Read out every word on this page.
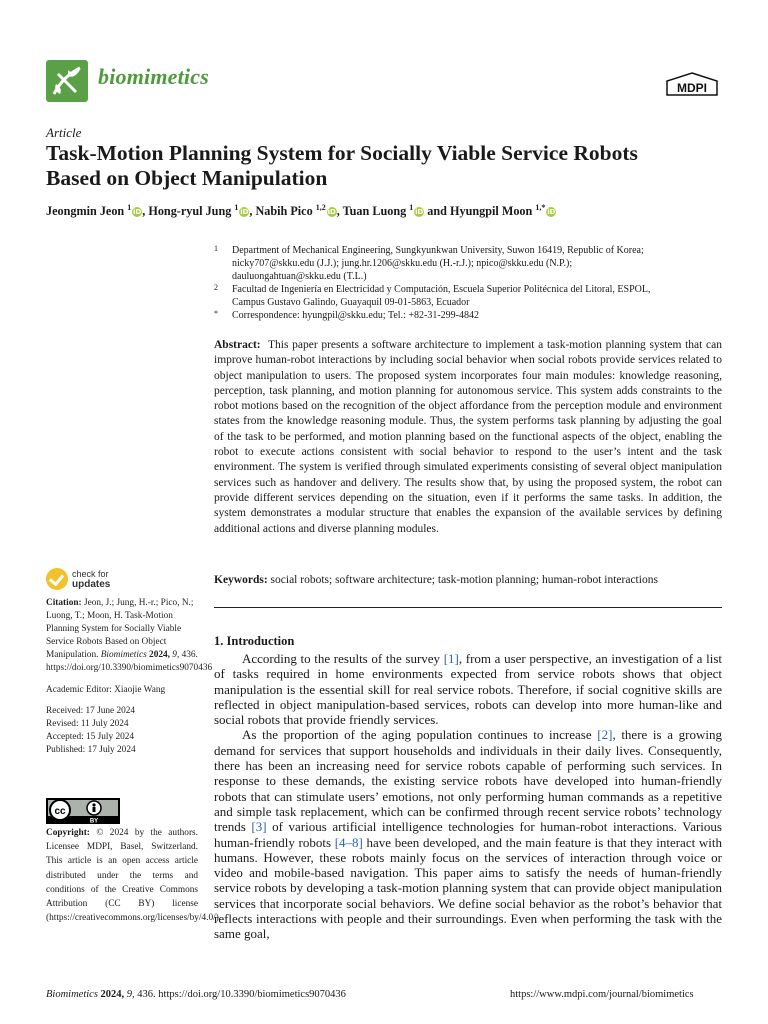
biomimetics	MDPI
Article
Task-Motion Planning System for Socially Viable Service Robots
Based on Object Manipulation
Jeongmin Jeon $^1$iD, Hong-ryul Jung $^1$iD, Nabih Pico $^{1,2}$iD, Tuan Luong $^1$iD and Hyungpil Moon $^{1,*}$iD
1 Department of Mechanical Engineering, Sungkyunkwan University, Suwon 16419, Republic of Korea;
nicky707@skku.edu (J.J.); jung.hr.1206@skku.edu (H.-r.J.); npico@skku.edu (N.P.);
dauluongahtuan@skku.edu (T.L.)
2 Facultad de Ingeniería en Electricidad y Computación, Escuela Superior Politécnica del Litoral, ESPOL,
Campus Gustavo Galindo, Guayaquil 09-01-5863, Ecuador
* Correspondence: hyungpil@skku.edu; Tel.: +82-31-299-4842
Abstract: This paper presents a software architecture to implement a task-motion planning system that can improve human-robot interactions by including social behavior when social robots provide services related to object manipulation to users. The proposed system incorporates four main modules: knowledge reasoning, perception, task planning, and motion planning for autonomous service. This system adds constraints to the robot motions based on the recognition of the object affordance from the perception module and environment states from the knowledge reasoning module. Thus, the system performs task planning by adjusting the goal of the task to be performed, and motion planning based on the functional aspects of the object, enabling the robot to execute actions consistent with social behavior to respond to the user’s intent and the task environment. The system is verified through simulated experiments consisting of several object manipulation services such as handover and delivery. The results show that, by using the proposed system, the robot can provide different services depending on the situation, even if it performs the same tasks. In addition, the system demonstrates a modular structure that enables the expansion of the available services by defining additional actions and diverse planning modules.
Keywords: social robots; software architecture; task-motion planning; human-robot interactions
1. Introduction

According to the results of the survey [1], from a user perspective, an investigation of a list of tasks required in home environments expected from service robots shows that object manipulation is the essential skill for real service robots. Therefore, if social cognitive skills are reflected in object manipulation-based services, robots can develop into more human-like and social robots that provide friendly services.

As the proportion of the aging population continues to increase [2], there is a growing demand for services that support households and individuals in their daily lives. Consequently, there has been an increasing need for service robots capable of performing such services. In response to these demands, the existing service robots have developed into human-friendly robots that can stimulate users’ emotions, not only performing human commands as a repetitive and simple task replacement, which can be confirmed through recent service robots’ technology trends [3] of various artificial intelligence technologies for human-robot interactions. Various human-friendly robots [4–8] have been developed, and the main feature is that they interact with humans. However, these robots mainly focus on the services of interaction through voice or video and mobile-based navigation. This paper aims to satisfy the needs of human-friendly service robots by developing a task-motion planning system that can provide object manipulation services that incorporate social behaviors. We define social behavior as the robot’s behavior that reflects interactions with people and their surroundings. Even when performing the task with the same goal,

check for
updates

Citation: Jeon, J.; Jung, H.-r.; Pico, N.; Luong, T.; Moon, H. Task-Motion Planning System for Socially Viable Service Robots Based on Object Manipulation. Biomimetics 2024, 9, 436. https://doi.org/10.3390/biomimetics9070436

Academic Editor: Xiaojie Wang

Received: 17 June 2024

Revised: 11 July 2024

Accepted: 15 July 2024

Published: 17 July 2024

cc
BY
Copyright: © 2024 by the authors. Licensee MDPI, Basel, Switzerland. This article is an open access article distributed under the terms and conditions of the Creative Commons Attribution (CC BY) license (https://creativecommons.org/licenses/by/4.0/).
Biomimetics 2024, 9, 436. https://doi.org/10.3390/biomimetics9070436	https://www.mdpi.com/journal/biomimetics
